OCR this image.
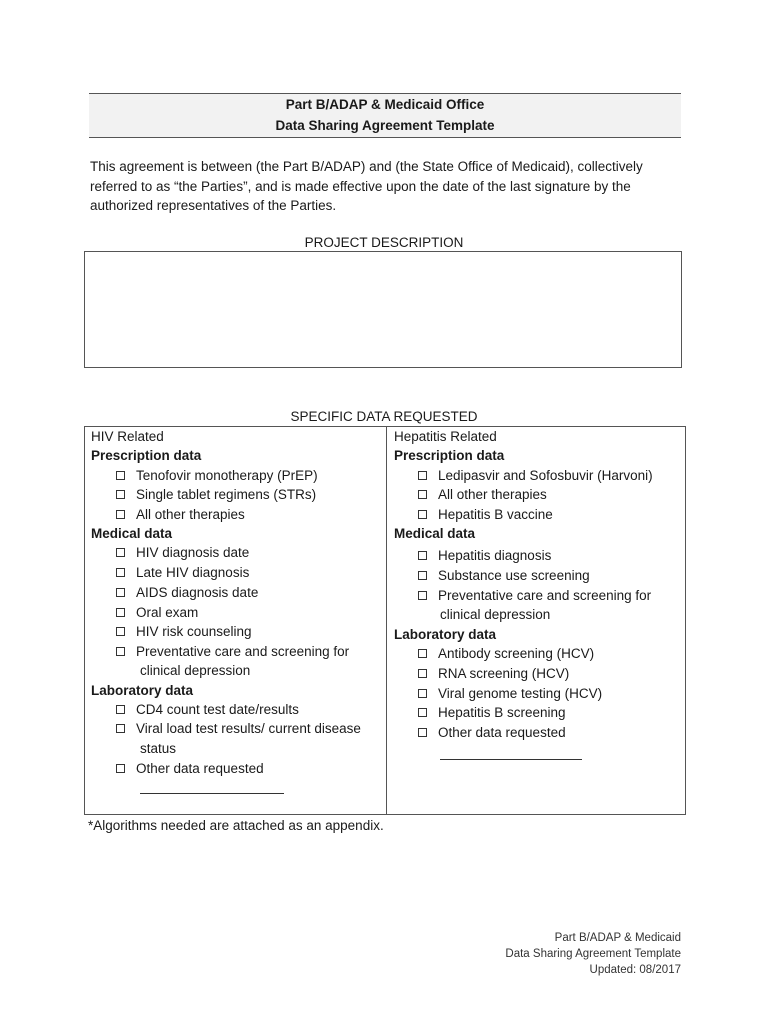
Part B/ADAP & Medicaid Office
Data Sharing Agreement Template
This agreement is between (the Part B/ADAP) and (the State Office of Medicaid), collectively
referred to as “the Parties”, and is made effective upon the date of the last signature by the
authorized representatives of the Parties.
PROJECT DESCRIPTION
SPECIFIC DATA REQUESTED
HIV Related
Prescription data
Tenofovir monotherapy (PrEP)
Single tablet regimens (STRs)
All other therapies
Medical data
HIV diagnosis date
Late HIV diagnosis
AIDS diagnosis date
Oral exam
HIV risk counseling
Preventative care and screening for
clinical depression
Laboratory data
CD4 count test date/results
Viral load test results/ current disease
status
Other data requested
Hepatitis Related
Prescription data
Ledipasvir and Sofosbuvir (Harvoni)
All other therapies
Hepatitis B vaccine
Medical data
Hepatitis diagnosis
Substance use screening
Preventative care and screening for
clinical depression
Laboratory data
Antibody screening (HCV)
RNA screening (HCV)
Viral genome testing (HCV)
Hepatitis B screening
Other data requested
*Algorithms needed are attached as an appendix.
Part B/ADAP & Medicaid
Data Sharing Agreement Template
Updated: 08/2017
